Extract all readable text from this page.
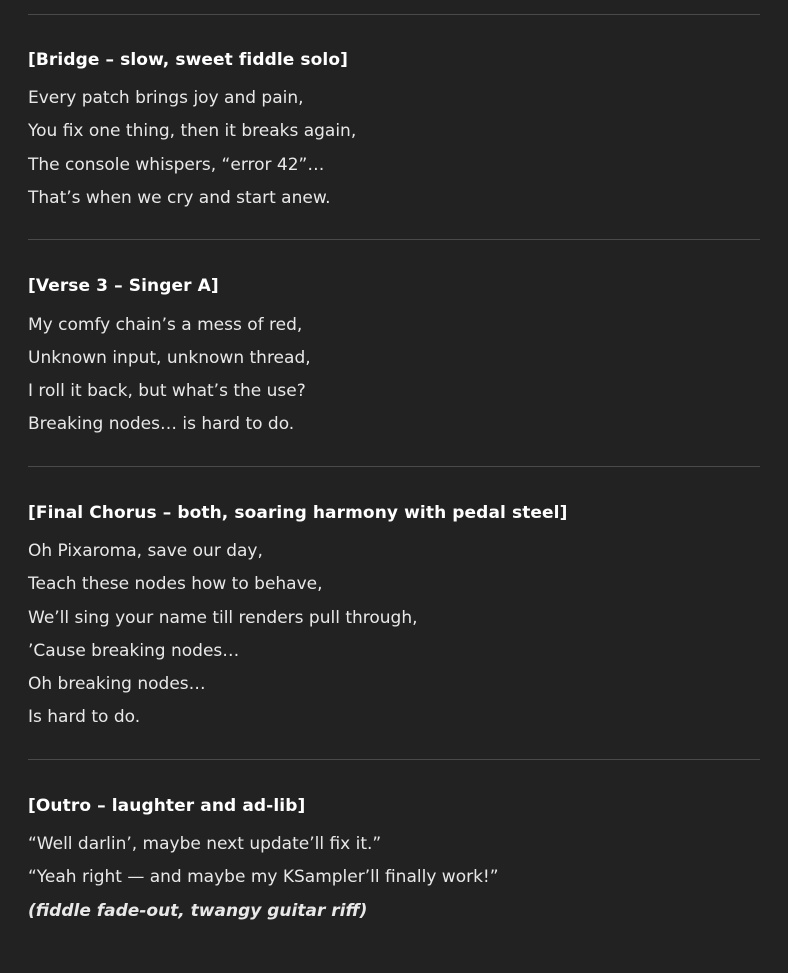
[Bridge – slow, sweet fiddle solo]

Every patch brings joy and pain,

You fix one thing, then it breaks again,

The console whispers, “error 42”…

That’s when we cry and start anew.

[Verse 3 – Singer A]

My comfy chain’s a mess of red,

Unknown input, unknown thread,

I roll it back, but what’s the use?

Breaking nodes… is hard to do.

[Final Chorus – both, soaring harmony with pedal steel]

Oh Pixaroma, save our day,

Teach these nodes how to behave,

We’ll sing your name till renders pull through,

’Cause breaking nodes…

Oh breaking nodes…

Is hard to do.

[Outro – laughter and ad-lib]

“Well darlin’, maybe next update’ll fix it.”

“Yeah right — and maybe my KSampler’ll finally work!”

(fiddle fade-out, twangy guitar riff)
